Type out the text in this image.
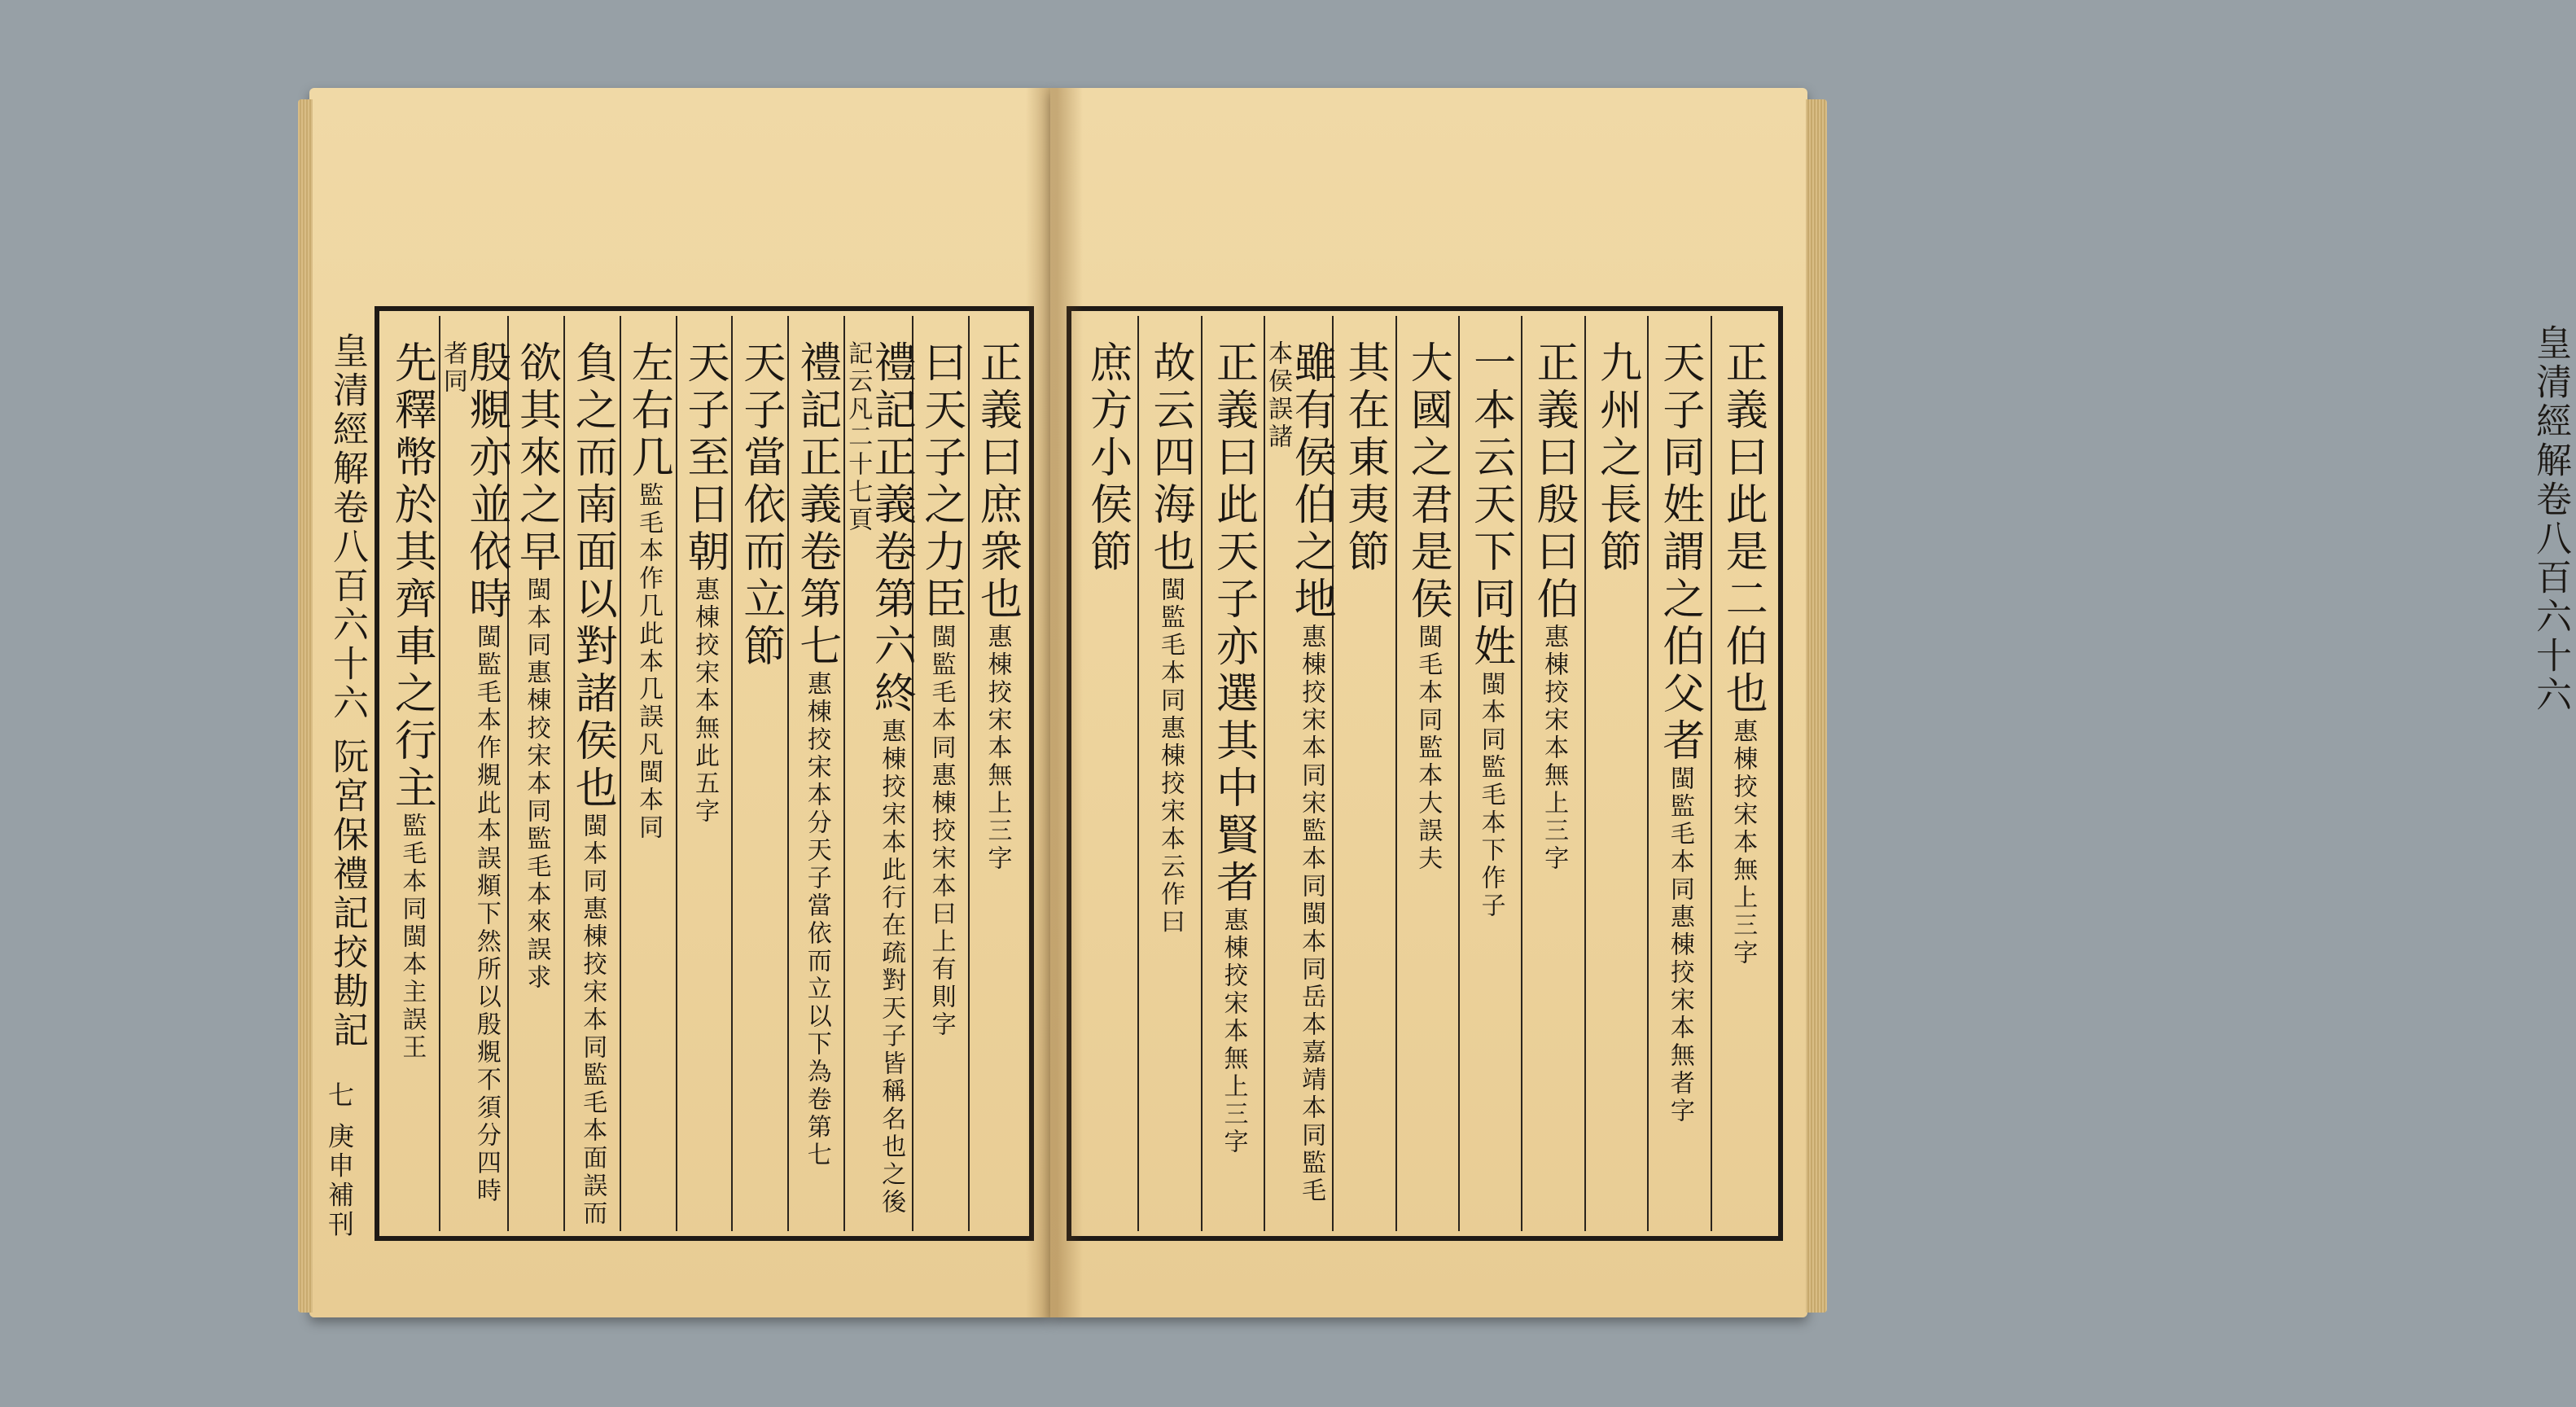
皇清經解卷八百六十六 阮宮保禮記挍勘記
七 庚申補刊
正義曰庶衆也惠棟挍宋本無上三字
曰天子之力臣閩監毛本同惠棟挍宋本曰上有則字
禮記正義卷第六終惠棟挍宋本此行在疏對天子皆稱名也之後記云凡二十七頁
禮記正義卷第七惠棟挍宋本分天子當依而立以下為卷第七
天子當依而立節
天子至日朝惠棟挍宋本無此五字
左右几監毛本作几此本几誤凡閩本同
負之而南面以對諸侯也閩本同惠棟挍宋本同監毛本面誤而
欲其來之早閩本同惠棟挍宋本同監毛本來誤求
殷覜亦並依時閩監毛本作覜此本誤頫下然所以殷覜不須分四時者同
先釋幣於其齊車之行主監毛本同閩本主誤王
皇清經解卷八百六十六
正義曰此是二伯也惠棟挍宋本無上三字
天子同姓謂之伯父者閩監毛本同惠棟挍宋本無者字
九州之長節
正義曰殷曰伯惠棟挍宋本無上三字
一本云天下同姓閩本同監毛本下作子
大國之君是侯閩毛本同監本大誤夫
其在東夷節
雖有侯伯之地惠棟挍宋本同宋監本同閩本同岳本嘉靖本同監毛本侯誤諸
正義曰此天子亦選其中賢者惠棟挍宋本無上三字
故云四海也閩監毛本同惠棟挍宋本云作曰
庶方小侯節
